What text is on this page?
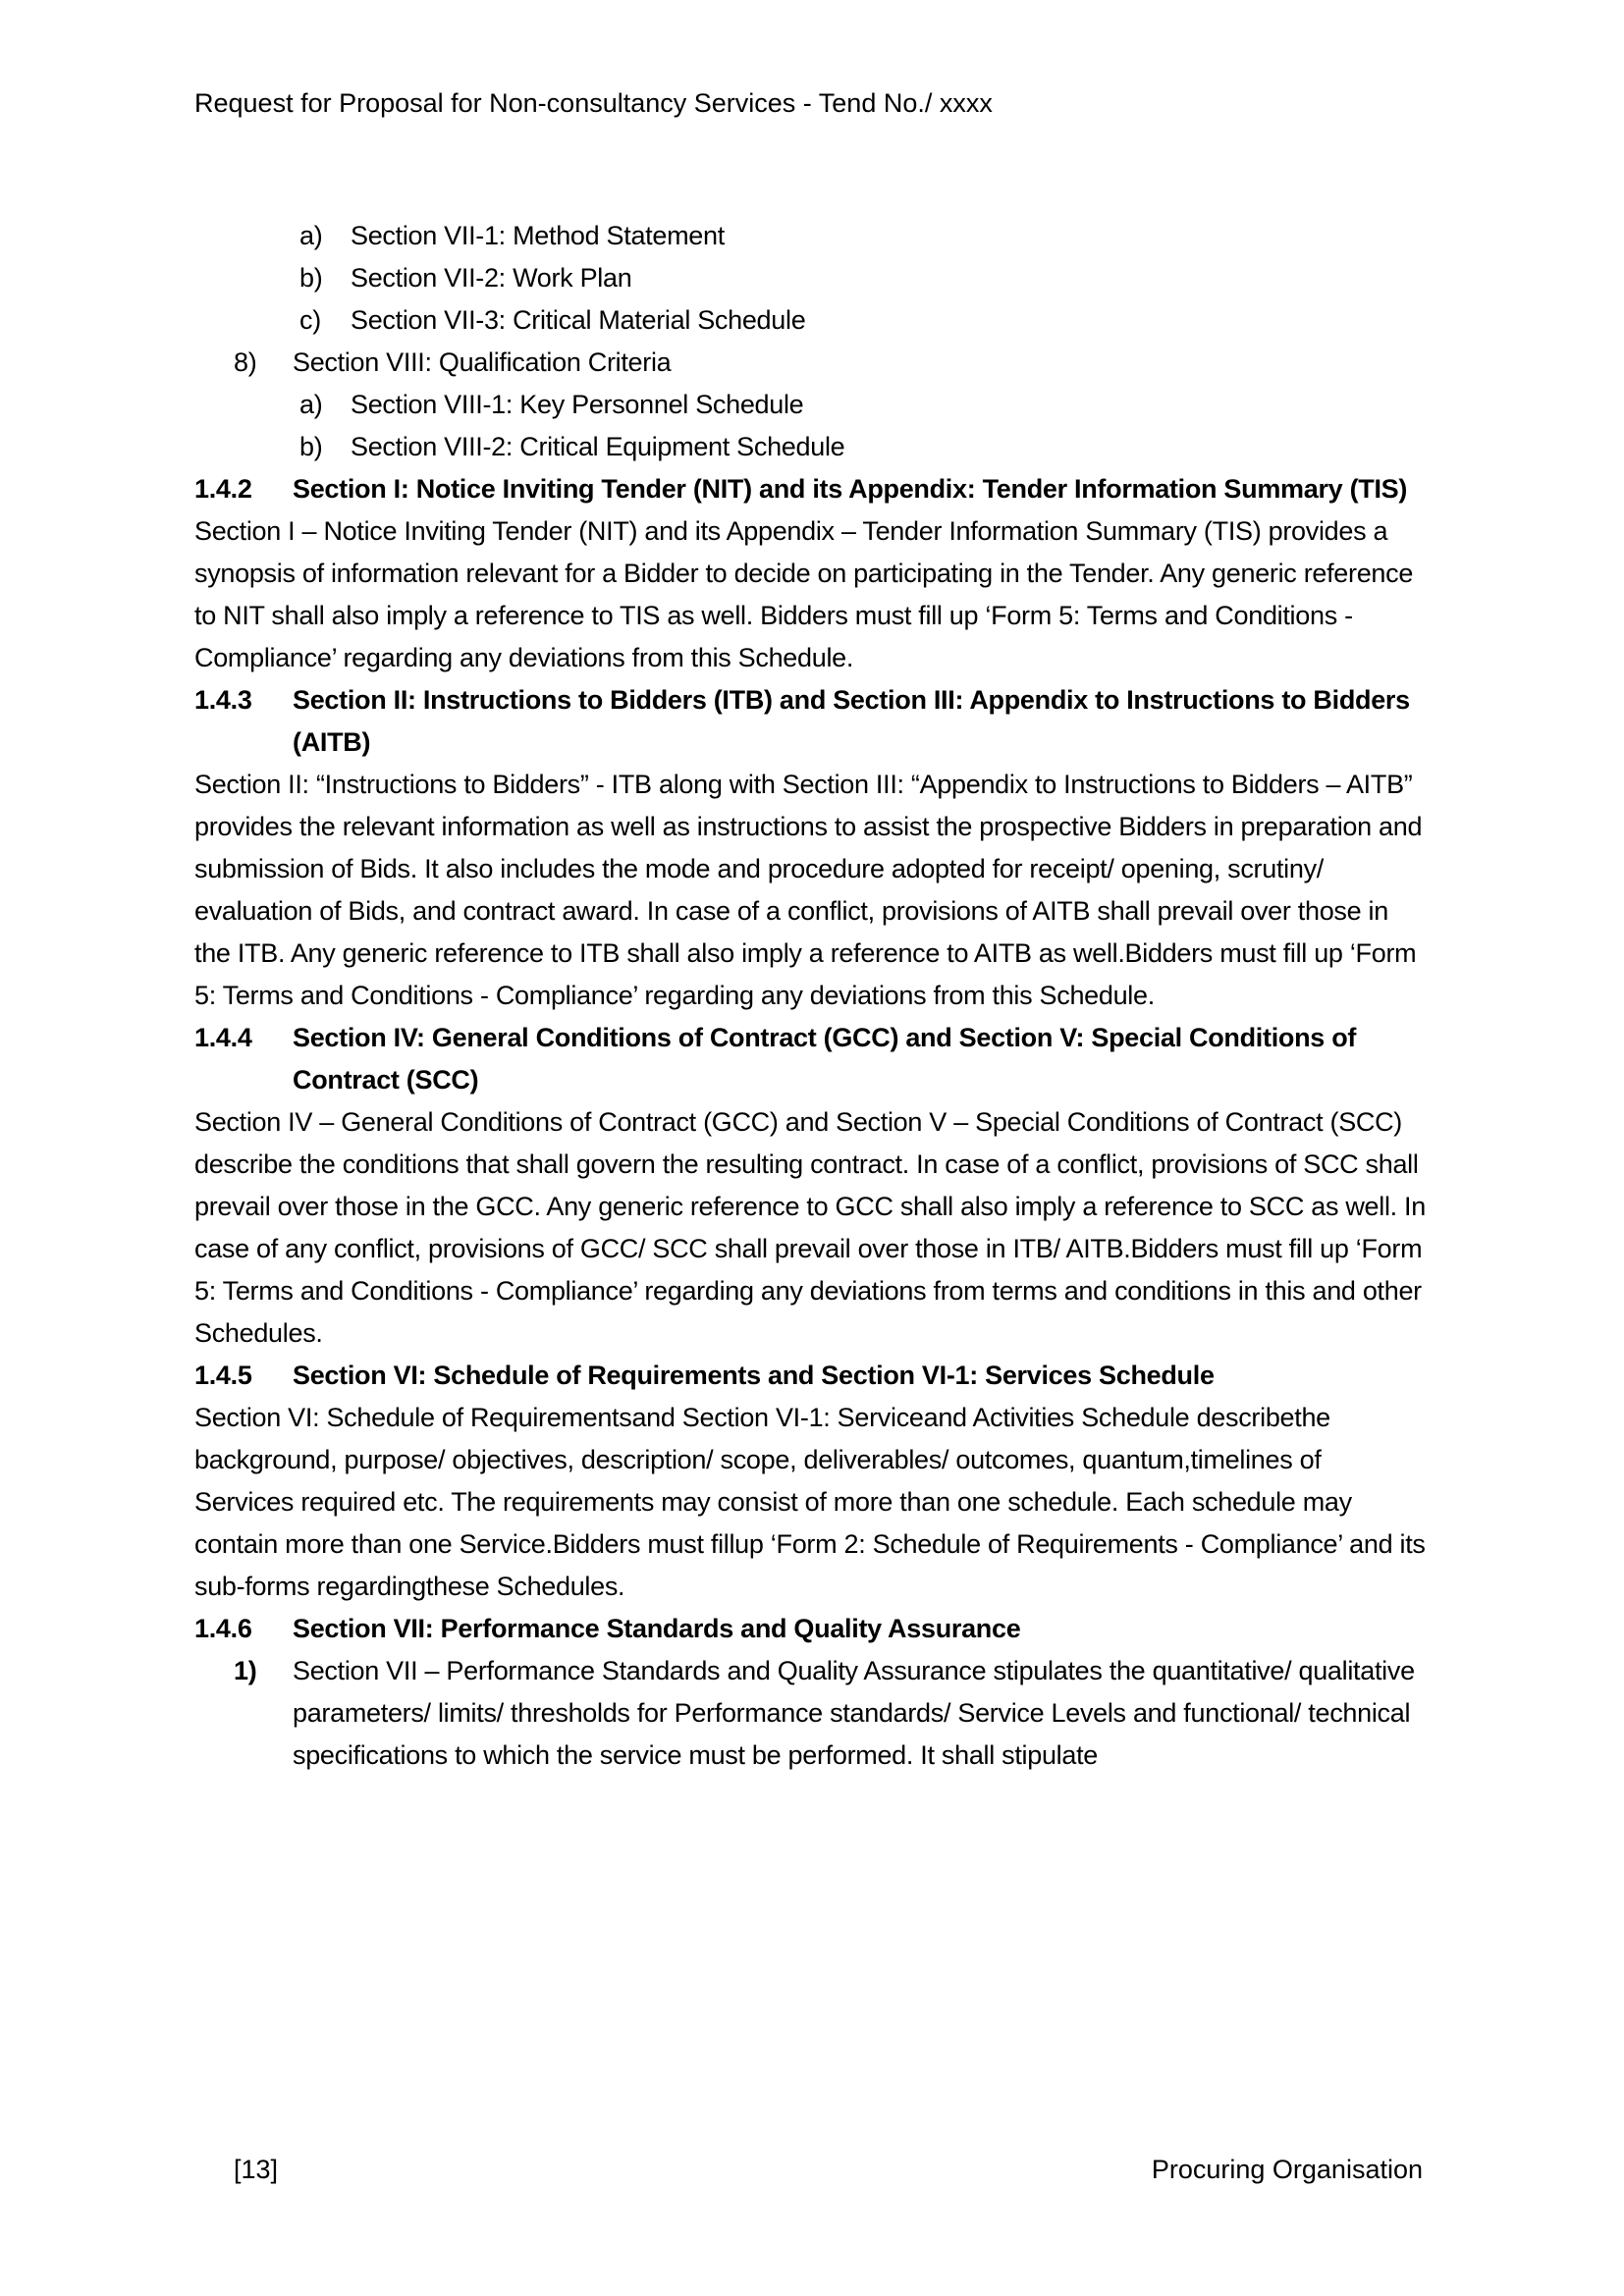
Request for Proposal for Non-consultancy Services - Tend No./ xxxx
a)	Section VII-1: Method Statement
b)	Section VII-2: Work Plan
c)	Section VII-3: Critical Material Schedule
8)	Section VIII: Qualification Criteria
a)	Section VIII-1: Key Personnel Schedule
b)	Section VIII-2: Critical Equipment Schedule
1.4.2	Section I: Notice Inviting Tender (NIT) and its Appendix: Tender Information Summary (TIS)

Section I – Notice Inviting Tender (NIT) and its Appendix – Tender Information Summary (TIS) provides a synopsis of information relevant for a Bidder to decide on participating in the Tender. Any generic reference to NIT shall also imply a reference to TIS as well. Bidders must fill up ‘Form 5: Terms and Conditions - Compliance’ regarding any deviations from this Schedule.

1.4.3	Section II: Instructions to Bidders (ITB) and Section III: Appendix to Instructions to Bidders (AITB)

Section II: “Instructions to Bidders” - ITB along with Section III: “Appendix to Instructions to Bidders – AITB” provides the relevant information as well as instructions to assist the prospective Bidders in preparation and submission of Bids. It also includes the mode and procedure adopted for receipt/ opening, scrutiny/ evaluation of Bids, and contract award. In case of a conflict, provisions of AITB shall prevail over those in the ITB. Any generic reference to ITB shall also imply a reference to AITB as well.Bidders must fill up ‘Form 5: Terms and Conditions - Compliance’ regarding any deviations from this Schedule.

1.4.4	Section IV: General Conditions of Contract (GCC) and Section V: Special Conditions of Contract (SCC)

Section IV – General Conditions of Contract (GCC) and Section V – Special Conditions of Contract (SCC) describe the conditions that shall govern the resulting contract. In case of a conflict, provisions of SCC shall prevail over those in the GCC. Any generic reference to GCC shall also imply a reference to SCC as well. In case of any conflict, provisions of GCC/ SCC shall prevail over those in ITB/ AITB.Bidders must fill up ‘Form 5: Terms and Conditions - Compliance’ regarding any deviations from terms and conditions in this and other Schedules.

1.4.5	Section VI: Schedule of Requirements and Section VI-1: Services Schedule

Section VI: Schedule of Requirementsand Section VI-1: Serviceand Activities Schedule describethe background, purpose/ objectives, description/ scope, deliverables/ outcomes, quantum,timelines of Services required etc. The requirements may consist of more than one schedule. Each schedule may contain more than one Service.Bidders must fillup ‘Form 2: Schedule of Requirements - Compliance’ and its sub-forms regardingthese Schedules.

1.4.6	Section VII: Performance Standards and Quality Assurance
1)	Section VII – Performance Standards and Quality Assurance stipulates the quantitative/ qualitative parameters/ limits/ thresholds for Performance standards/ Service Levels and functional/ technical specifications to which the service must be performed. It shall stipulate
[13]	Procuring Organisation
